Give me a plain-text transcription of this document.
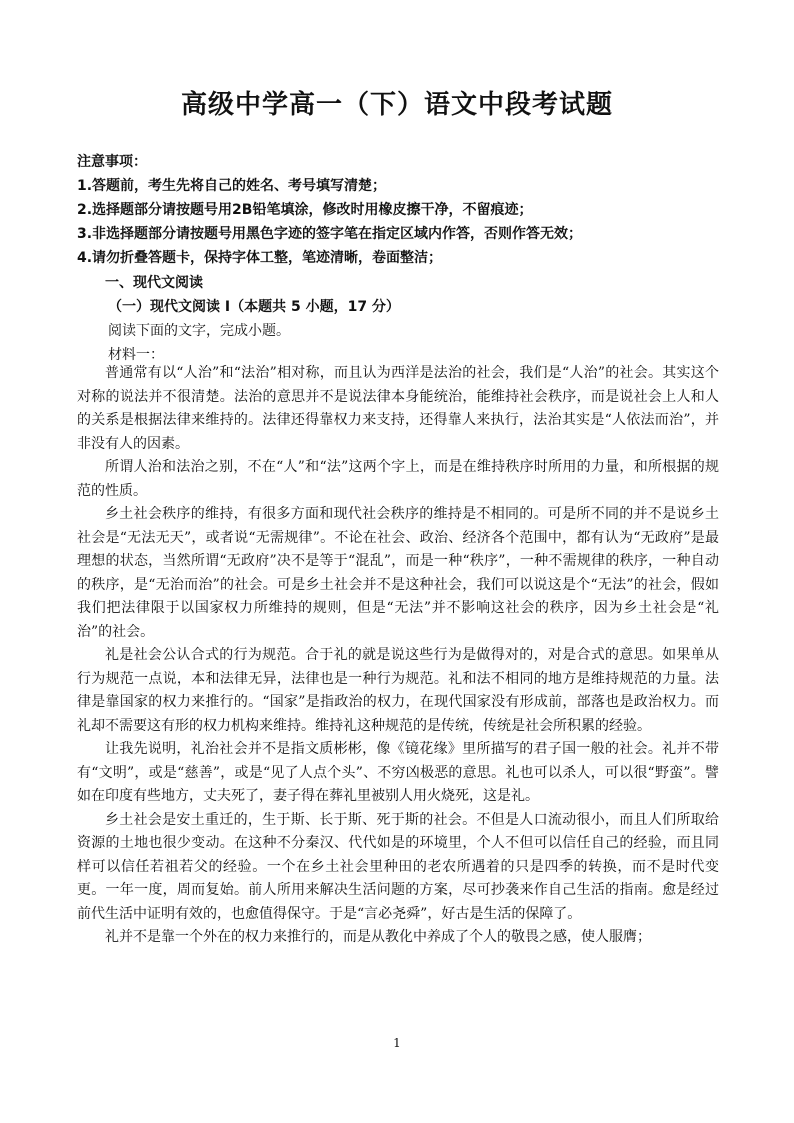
高级中学高一（下）语文中段考试题
注意事项：
1.答题前，考生先将自己的姓名、考号填写清楚；
2.选择题部分请按题号用2B铅笔填涂，修改时用橡皮擦干净，不留痕迹；
3.非选择题部分请按题号用黑色字迹的签字笔在指定区域内作答，否则作答无效；
4.请勿折叠答题卡，保持字体工整，笔迹清晰，卷面整洁；
一、现代文阅读
（一）现代文阅读 I（本题共 5 小题，17 分）
阅读下面的文字，完成小题。
材料一：

普通常有以“人治”和“法治”相对称，而且认为西洋是法治的社会，我们是“人治”的社会。其实这个对称的说法并不很清楚。法治的意思并不是说法律本身能统治，能维持社会秩序，而是说社会上人和人的关系是根据法律来维持的。法律还得靠权力来支持，还得靠人来执行，法治其实是“人依法而治”，并非没有人的因素。

所谓人治和法治之别，不在“人”和“法”这两个字上，而是在维持秩序时所用的力量，和所根据的规范的性质。

乡土社会秩序的维持，有很多方面和现代社会秩序的维持是不相同的。可是所不同的并不是说乡土社会是“无法无天”，或者说“无需规律”。不论在社会、政治、经济各个范围中，都有认为“无政府”是最理想的状态，当然所谓“无政府”决不是等于“混乱”，而是一种“秩序”，一种不需规律的秩序，一种自动的秩序，是“无治而治”的社会。可是乡土社会并不是这种社会，我们可以说这是个“无法”的社会，假如我们把法律限于以国家权力所维持的规则，但是“无法”并不影响这社会的秩序，因为乡土社会是“礼治”的社会。

礼是社会公认合式的行为规范。合于礼的就是说这些行为是做得对的，对是合式的意思。如果单从行为规范一点说，本和法律无异，法律也是一种行为规范。礼和法不相同的地方是维持规范的力量。法律是靠国家的权力来推行的。“国家”是指政治的权力，在现代国家没有形成前，部落也是政治权力。而礼却不需要这有形的权力机构来维持。维持礼这种规范的是传统，传统是社会所积累的经验。

让我先说明，礼治社会并不是指文质彬彬，像《镜花缘》里所描写的君子国一般的社会。礼并不带有“文明”，或是“慈善”，或是“见了人点个头”、不穷凶极恶的意思。礼也可以杀人，可以很“野蛮”。譬如在印度有些地方，丈夫死了，妻子得在葬礼里被别人用火烧死，这是礼。

乡土社会是安土重迁的，生于斯、长于斯、死于斯的社会。不但是人口流动很小，而且人们所取给资源的土地也很少变动。在这种不分秦汉、代代如是的环境里，个人不但可以信任自己的经验，而且同样可以信任若祖若父的经验。一个在乡土社会里种田的老农所遇着的只是四季的转换，而不是时代变更。一年一度，周而复始。前人所用来解决生活问题的方案，尽可抄袭来作自己生活的指南。愈是经过前代生活中证明有效的，也愈值得保守。于是“言必尧舜”，好古是生活的保障了。

礼并不是靠一个外在的权力来推行的，而是从教化中养成了个人的敬畏之感，使人服膺；

1
